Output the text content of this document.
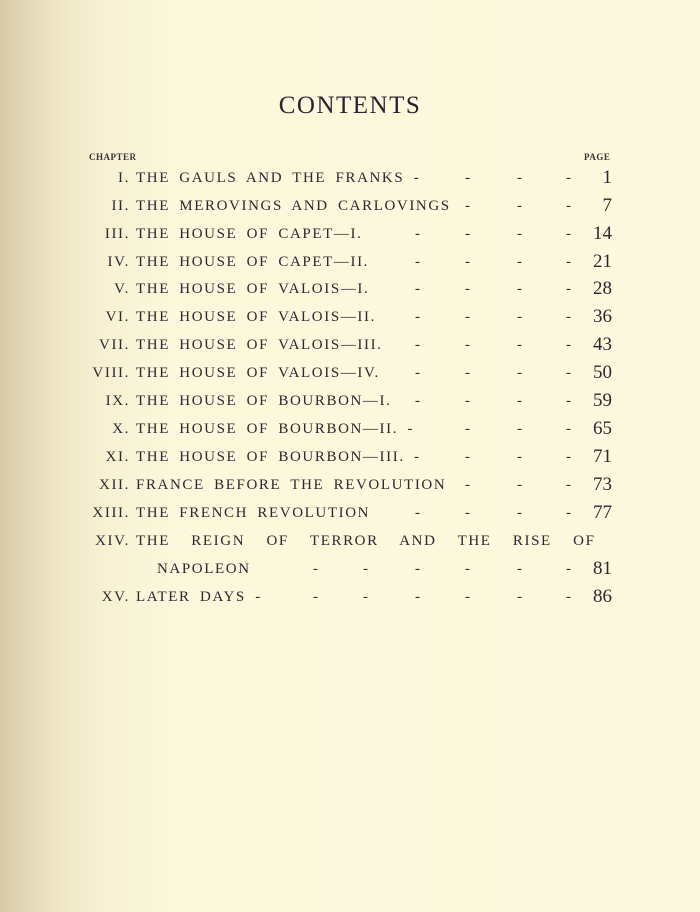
CONTENTS
CHAPTER	PAGE
I. THE GAULS AND THE FRANKS -	-	-	- 1
II. THE MEROVINGS AND CARLOVINGS -	-	- 7
III. THE HOUSE OF CAPET—I.	-	-	-	- 14
IV. THE HOUSE OF CAPET—II.	-	-	-	- 21
V. THE HOUSE OF VALOIS—I.	-	-	-	- 28
VI. THE HOUSE OF VALOIS—II.	-	-	-	- 36
VII. THE HOUSE OF VALOIS—III. -	-	-	- 43
VIII. THE HOUSE OF VALOIS—IV. -	-	-	- 50
IX. THE HOUSE OF BOURBON—I. -	-	-	- 59
X. THE HOUSE OF BOURBON—II. -	-	-	- 65
XI. THE HOUSE OF BOURBON—III. -	-	-	- 71
XII. FRANCE BEFORE THE REVOLUTION -	-	- 73
XIII. THE FRENCH REVOLUTION	-	-	-	- 77
XIV. THE REIGN OF TERROR AND THE RISE OF
NAPOLEON	-	-	-	-	-	- 81
XV. LATER DAYS -	-	-	-	-	-	- 86
